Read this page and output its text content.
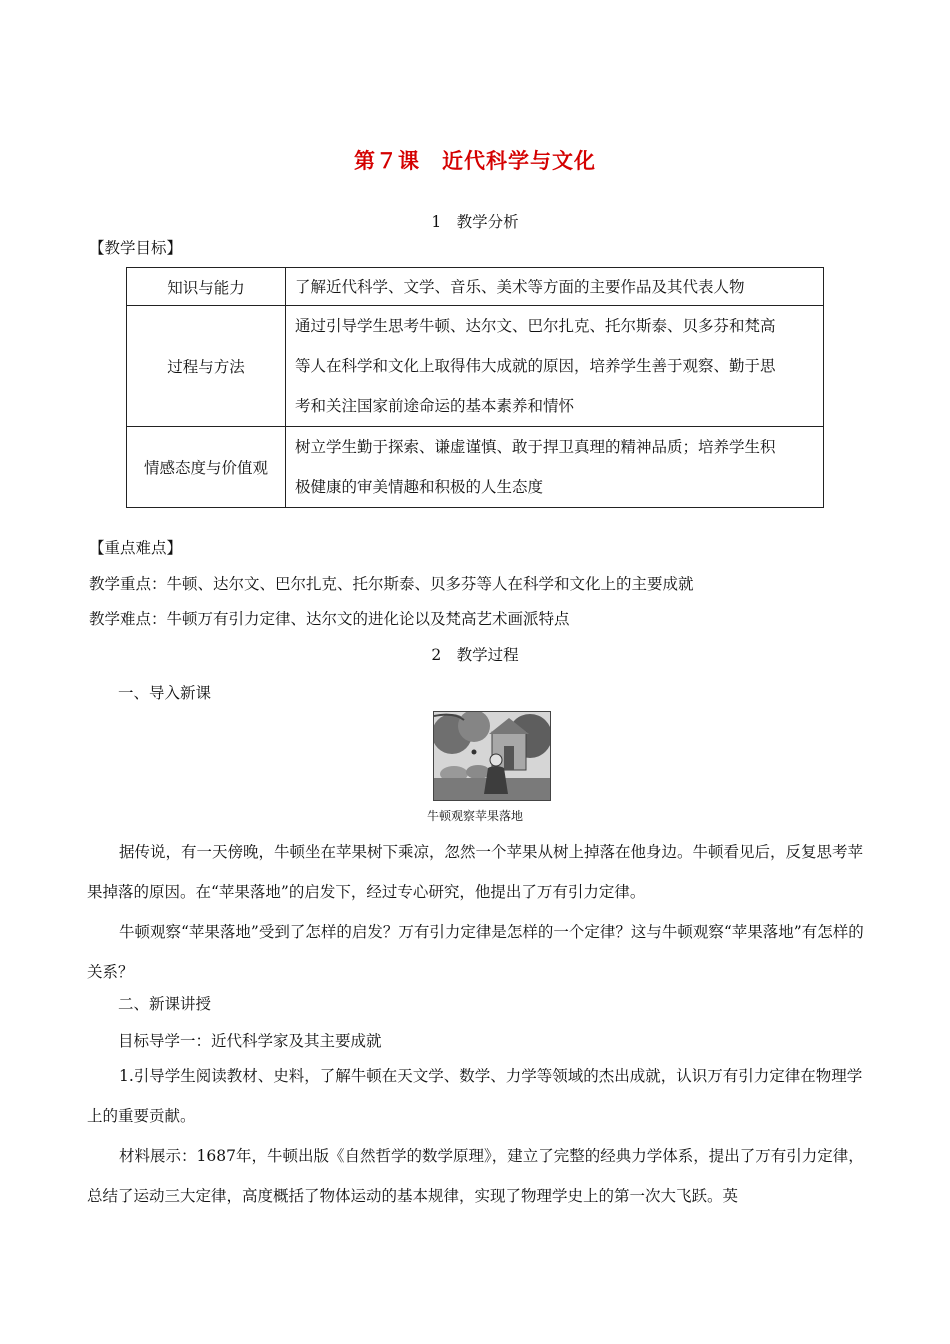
第７课　近代科学与文化
1　教学分析
【教学目标】
知识与能力	了解近代科学、文学、音乐、美术等方面的主要作品及其代表人物

过程与方法	通过引导学生思考牛顿、达尔文、巴尔扎克、托尔斯泰、贝多芬和梵高
等人在科学和文化上取得伟大成就的原因，培养学生善于观察、勤于思
考和关注国家前途命运的基本素养和情怀

情感态度与价值观	树立学生勤于探索、谦虚谨慎、敢于捍卫真理的精神品质；培养学生积
极健康的审美情趣和积极的人生态度
【重点难点】
教学重点：牛顿、达尔文、巴尔扎克、托尔斯泰、贝多芬等人在科学和文化上的主要成就
教学难点：牛顿万有引力定律、达尔文的进化论以及梵高艺术画派特点
2　教学过程
一、导入新课
牛顿观察苹果落地
据传说，有一天傍晚，牛顿坐在苹果树下乘凉，忽然一个苹果从树上掉落在他身边。牛顿看见后，反复思考苹果掉落的原因。在“苹果落地”的启发下，经过专心研究，他提出了万有引力定律。
牛顿观察“苹果落地”受到了怎样的启发？万有引力定律是怎样的一个定律？这与牛顿观察“苹果落地”有怎样的关系？
二、新课讲授
目标导学一：近代科学家及其主要成就
1.引导学生阅读教材、史料，了解牛顿在天文学、数学、力学等领域的杰出成就，认识万有引力定律在物理学上的重要贡献。
材料展示：1687年，牛顿出版《自然哲学的数学原理》，建立了完整的经典力学体系，提出了万有引力定律，总结了运动三大定律，高度概括了物体运动的基本规律，实现了物理学史上的第一次大飞跃。英
